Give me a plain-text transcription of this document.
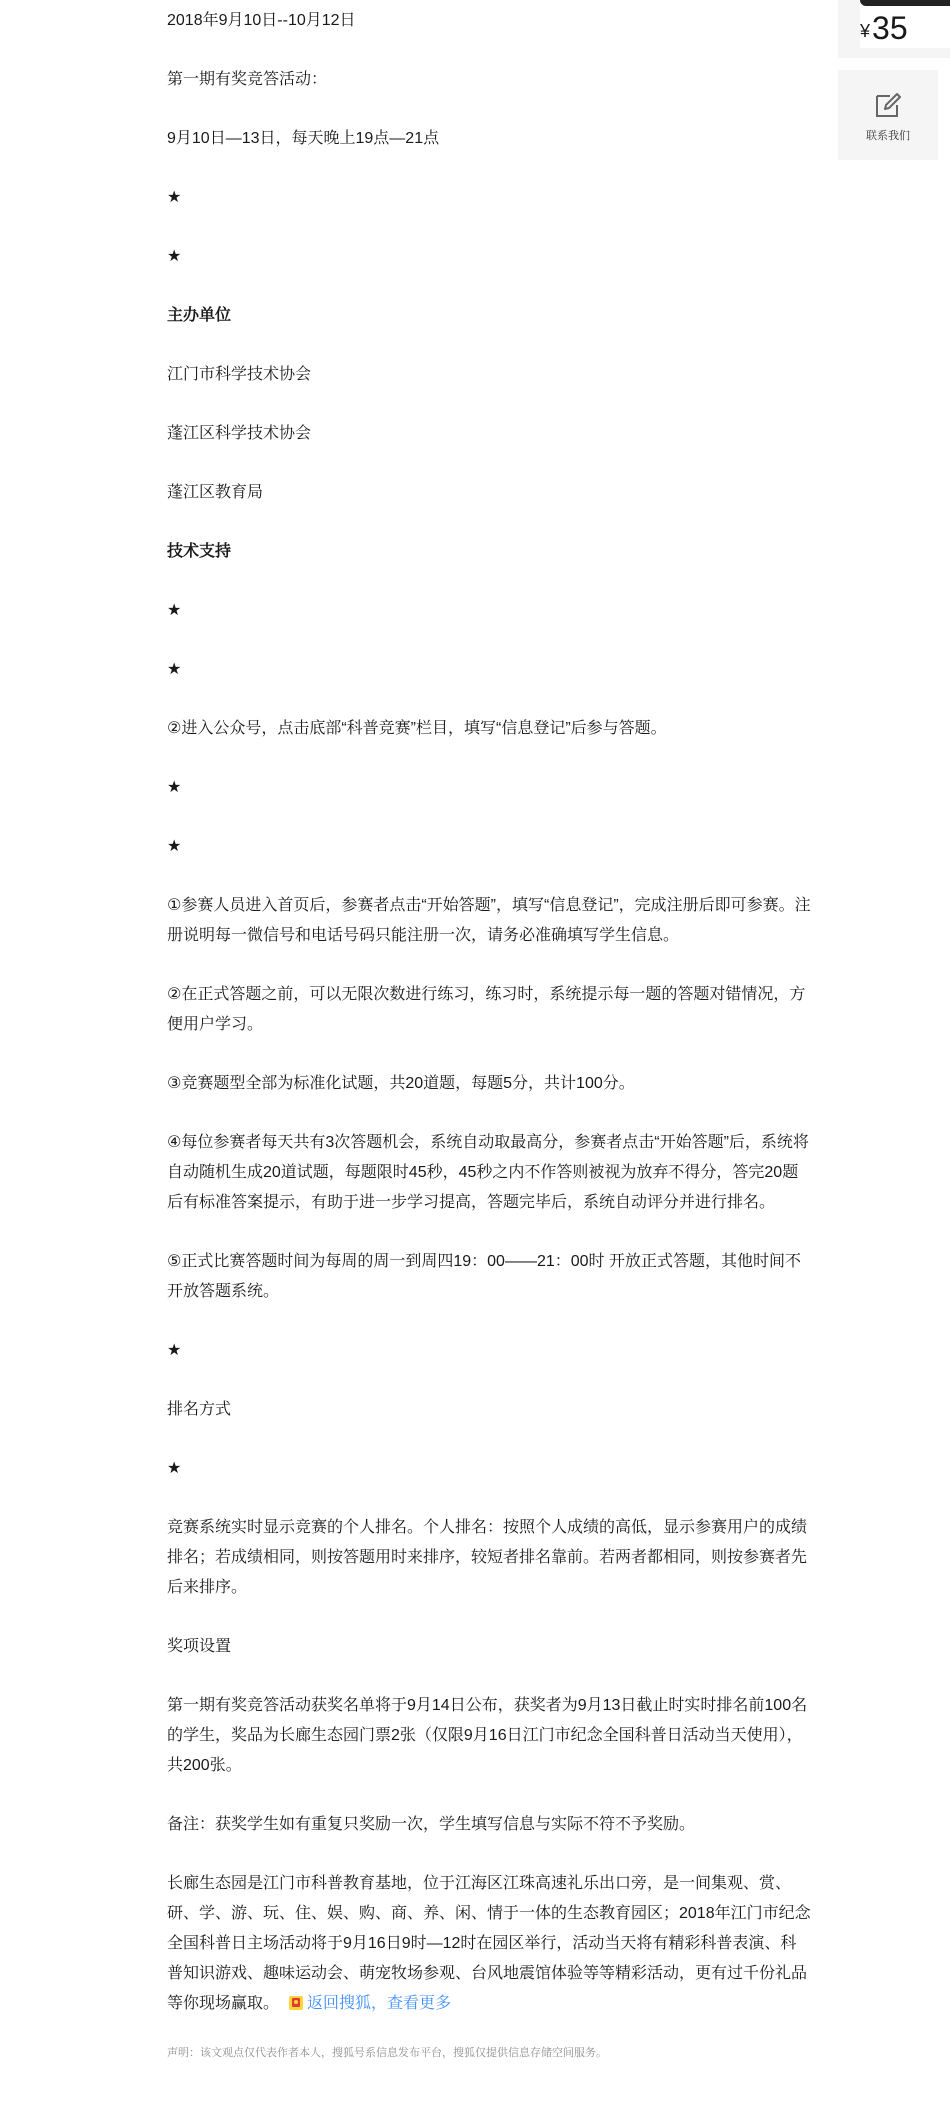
2018年9月10日--10月12日

第一期有奖竞答活动：

9月10日—13日，每天晚上19点—21点

★

★

主办单位

江门市科学技术协会

蓬江区科学技术协会

蓬江区教育局

技术支持

★

★

②进入公众号，点击底部“科普竞赛”栏目，填写“信息登记”后参与答题。

★

★

①参赛人员进入首页后，参赛者点击“开始答题”，填写“信息登记”，完成注册后即可参赛。注册说明每一微信号和电话号码只能注册一次，请务必准确填写学生信息。

②在正式答题之前，可以无限次数进行练习，练习时，系统提示每一题的答题对错情况，方便用户学习。

③竞赛题型全部为标准化试题，共20道题，每题5分，共计100分。

④每位参赛者每天共有3次答题机会，系统自动取最高分，参赛者点击“开始答题”后，系统将自动随机生成20道试题，每题限时45秒，45秒之内不作答则被视为放弃不得分，答完20题后有标准答案提示，有助于进一步学习提高，答题完毕后，系统自动评分并进行排名。

⑤正式比赛答题时间为每周的周一到周四19：00——21：00时 开放正式答题，其他时间不开放答题系统。

★

排名方式

★

竞赛系统实时显示竞赛的个人排名。个人排名：按照个人成绩的高低，显示参赛用户的成绩排名；若成绩相同，则按答题用时来排序，较短者排名靠前。若两者都相同，则按参赛者先后来排序。

奖项设置

第一期有奖竞答活动获奖名单将于9月14日公布，获奖者为9月13日截止时实时排名前100名的学生，奖品为长廊生态园门票2张（仅限9月16日江门市纪念全国科普日活动当天使用），共200张。

备注：获奖学生如有重复只奖励一次，学生填写信息与实际不符不予奖励。

长廊生态园是江门市科普教育基地，位于江海区江珠高速礼乐出口旁，是一间集观、赏、研、学、游、玩、住、娱、购、商、养、闲、情于一体的生态教育园区；2018年江门市纪念全国科普日主场活动将于9月16日9时—12时在园区举行，活动当天将有精彩科普表演、科普知识游戏、趣味运动会、萌宠牧场参观、台风地震馆体验等等精彩活动，更有过千份礼品等你现场赢取。 返回搜狐，查看更多

声明：该文观点仅代表作者本人，搜狐号系信息发布平台，搜狐仅提供信息存储空间服务。
¥35
联系我们
